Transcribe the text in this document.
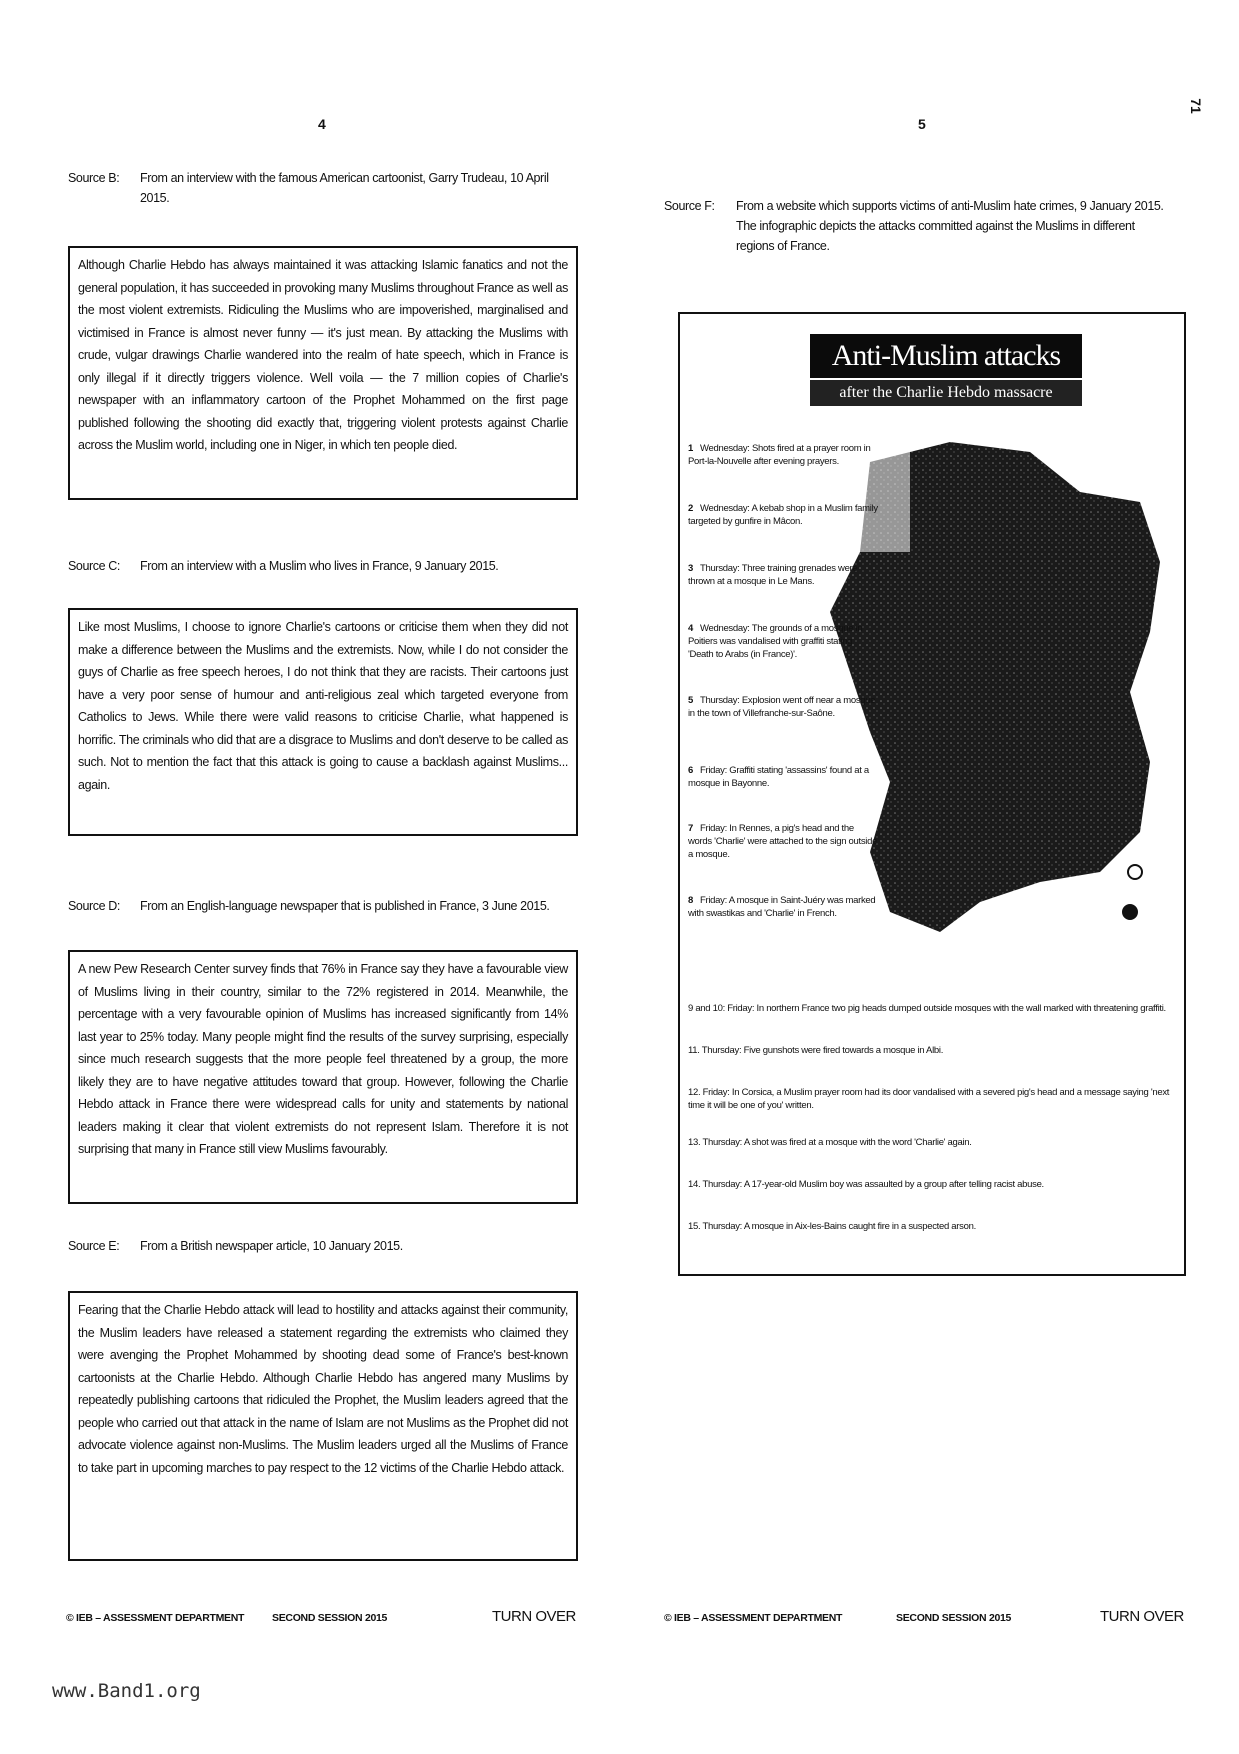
4	5
71
Source B: From an interview with the famous American cartoonist, Garry Trudeau, 10 April 2015.
Although Charlie Hebdo has always maintained it was attacking Islamic fanatics and not the general population, it has succeeded in provoking many Muslims throughout France as well as the most violent extremists. Ridiculing the Muslims who are impoverished, marginalised and victimised in France is almost never funny — it's just mean. By attacking the Muslims with crude, vulgar drawings Charlie wandered into the realm of hate speech, which in France is only illegal if it directly triggers violence. Well voila — the 7 million copies of Charlie's newspaper with an inflammatory cartoon of the Prophet Mohammed on the first page published following the shooting did exactly that, triggering violent protests against Charlie across the Muslim world, including one in Niger, in which ten people died.
Source C: From an interview with a Muslim who lives in France, 9 January 2015.
Like most Muslims, I choose to ignore Charlie's cartoons or criticise them when they did not make a difference between the Muslims and the extremists. Now, while I do not consider the guys of Charlie as free speech heroes, I do not think that they are racists. Their cartoons just have a very poor sense of humour and anti-religious zeal which targeted everyone from Catholics to Jews. While there were valid reasons to criticise Charlie, what happened is horrific. The criminals who did that are a disgrace to Muslims and don't deserve to be called as such. Not to mention the fact that this attack is going to cause a backlash against Muslims... again.
Source D: From an English-language newspaper that is published in France, 3 June 2015.
A new Pew Research Center survey finds that 76% in France say they have a favourable view of Muslims living in their country, similar to the 72% registered in 2014. Meanwhile, the percentage with a very favourable opinion of Muslims has increased significantly from 14% last year to 25% today. Many people might find the results of the survey surprising, especially since much research suggests that the more people feel threatened by a group, the more likely they are to have negative attitudes toward that group. However, following the Charlie Hebdo attack in France there were widespread calls for unity and statements by national leaders making it clear that violent extremists do not represent Islam. Therefore it is not surprising that many in France still view Muslims favourably.
Source E: From a British newspaper article, 10 January 2015.
Fearing that the Charlie Hebdo attack will lead to hostility and attacks against their community, the Muslim leaders have released a statement regarding the extremists who claimed they were avenging the Prophet Mohammed by shooting dead some of France's best-known cartoonists at the Charlie Hebdo. Although Charlie Hebdo has angered many Muslims by repeatedly publishing cartoons that ridiculed the Prophet, the Muslim leaders agreed that the people who carried out that attack in the name of Islam are not Muslims as the Prophet did not advocate violence against non-Muslims. The Muslim leaders urged all the Muslims of France to take part in upcoming marches to pay respect to the 12 victims of the Charlie Hebdo attack.
Source F: From a website which supports victims of anti-Muslim hate crimes, 9 January 2015. The infographic depicts the attacks committed against the Muslims in different regions of France.
Anti-Muslim attacks
after the Charlie Hebdo massacre
1 Wednesday: Shots fired at a prayer room in Port-la-Nouvelle after evening prayers.
2 Wednesday: A kebab shop in a Muslim family targeted by gunfire in Mâcon.
3 Thursday: Three training grenades were thrown at a mosque in Le Mans.
4 Wednesday: The grounds of a mosque in Poitiers was vandalised with graffiti stating 'Death to Arabs (in France)'.
5 Thursday: Explosion went off near a mosque in the town of Villefranche-sur-Saône.
6 Friday: Graffiti stating 'assassins' found at a mosque in Bayonne.
7 Friday: In Rennes, a pig's head and the words 'Charlie' were attached to the sign outside a mosque.
8 Friday: A mosque in Saint-Juéry was marked with swastikas and 'Charlie' in French.
9 and 10: Friday: In northern France two pig heads dumped outside mosques with the wall marked with threatening graffiti.
11. Thursday: Five gunshots were fired towards a mosque in Albi.
12. Friday: In Corsica, a Muslim prayer room had its door vandalised with a severed pig's head and a message saying 'next time it will be one of you' written.
13. Thursday: A shot was fired at a mosque with the word 'Charlie' again.
14. Thursday: A 17-year-old Muslim boy was assaulted by a group after telling racist abuse.
15. Thursday: A mosque in Aix-les-Bains caught fire in a suspected arson.
© IEB – ASSESSMENT DEPARTMENT	SECOND SESSION 2015	TURN OVER	© IEB – ASSESSMENT DEPARTMENT	SECOND SESSION 2015	TURN OVER
www.Band1.org
